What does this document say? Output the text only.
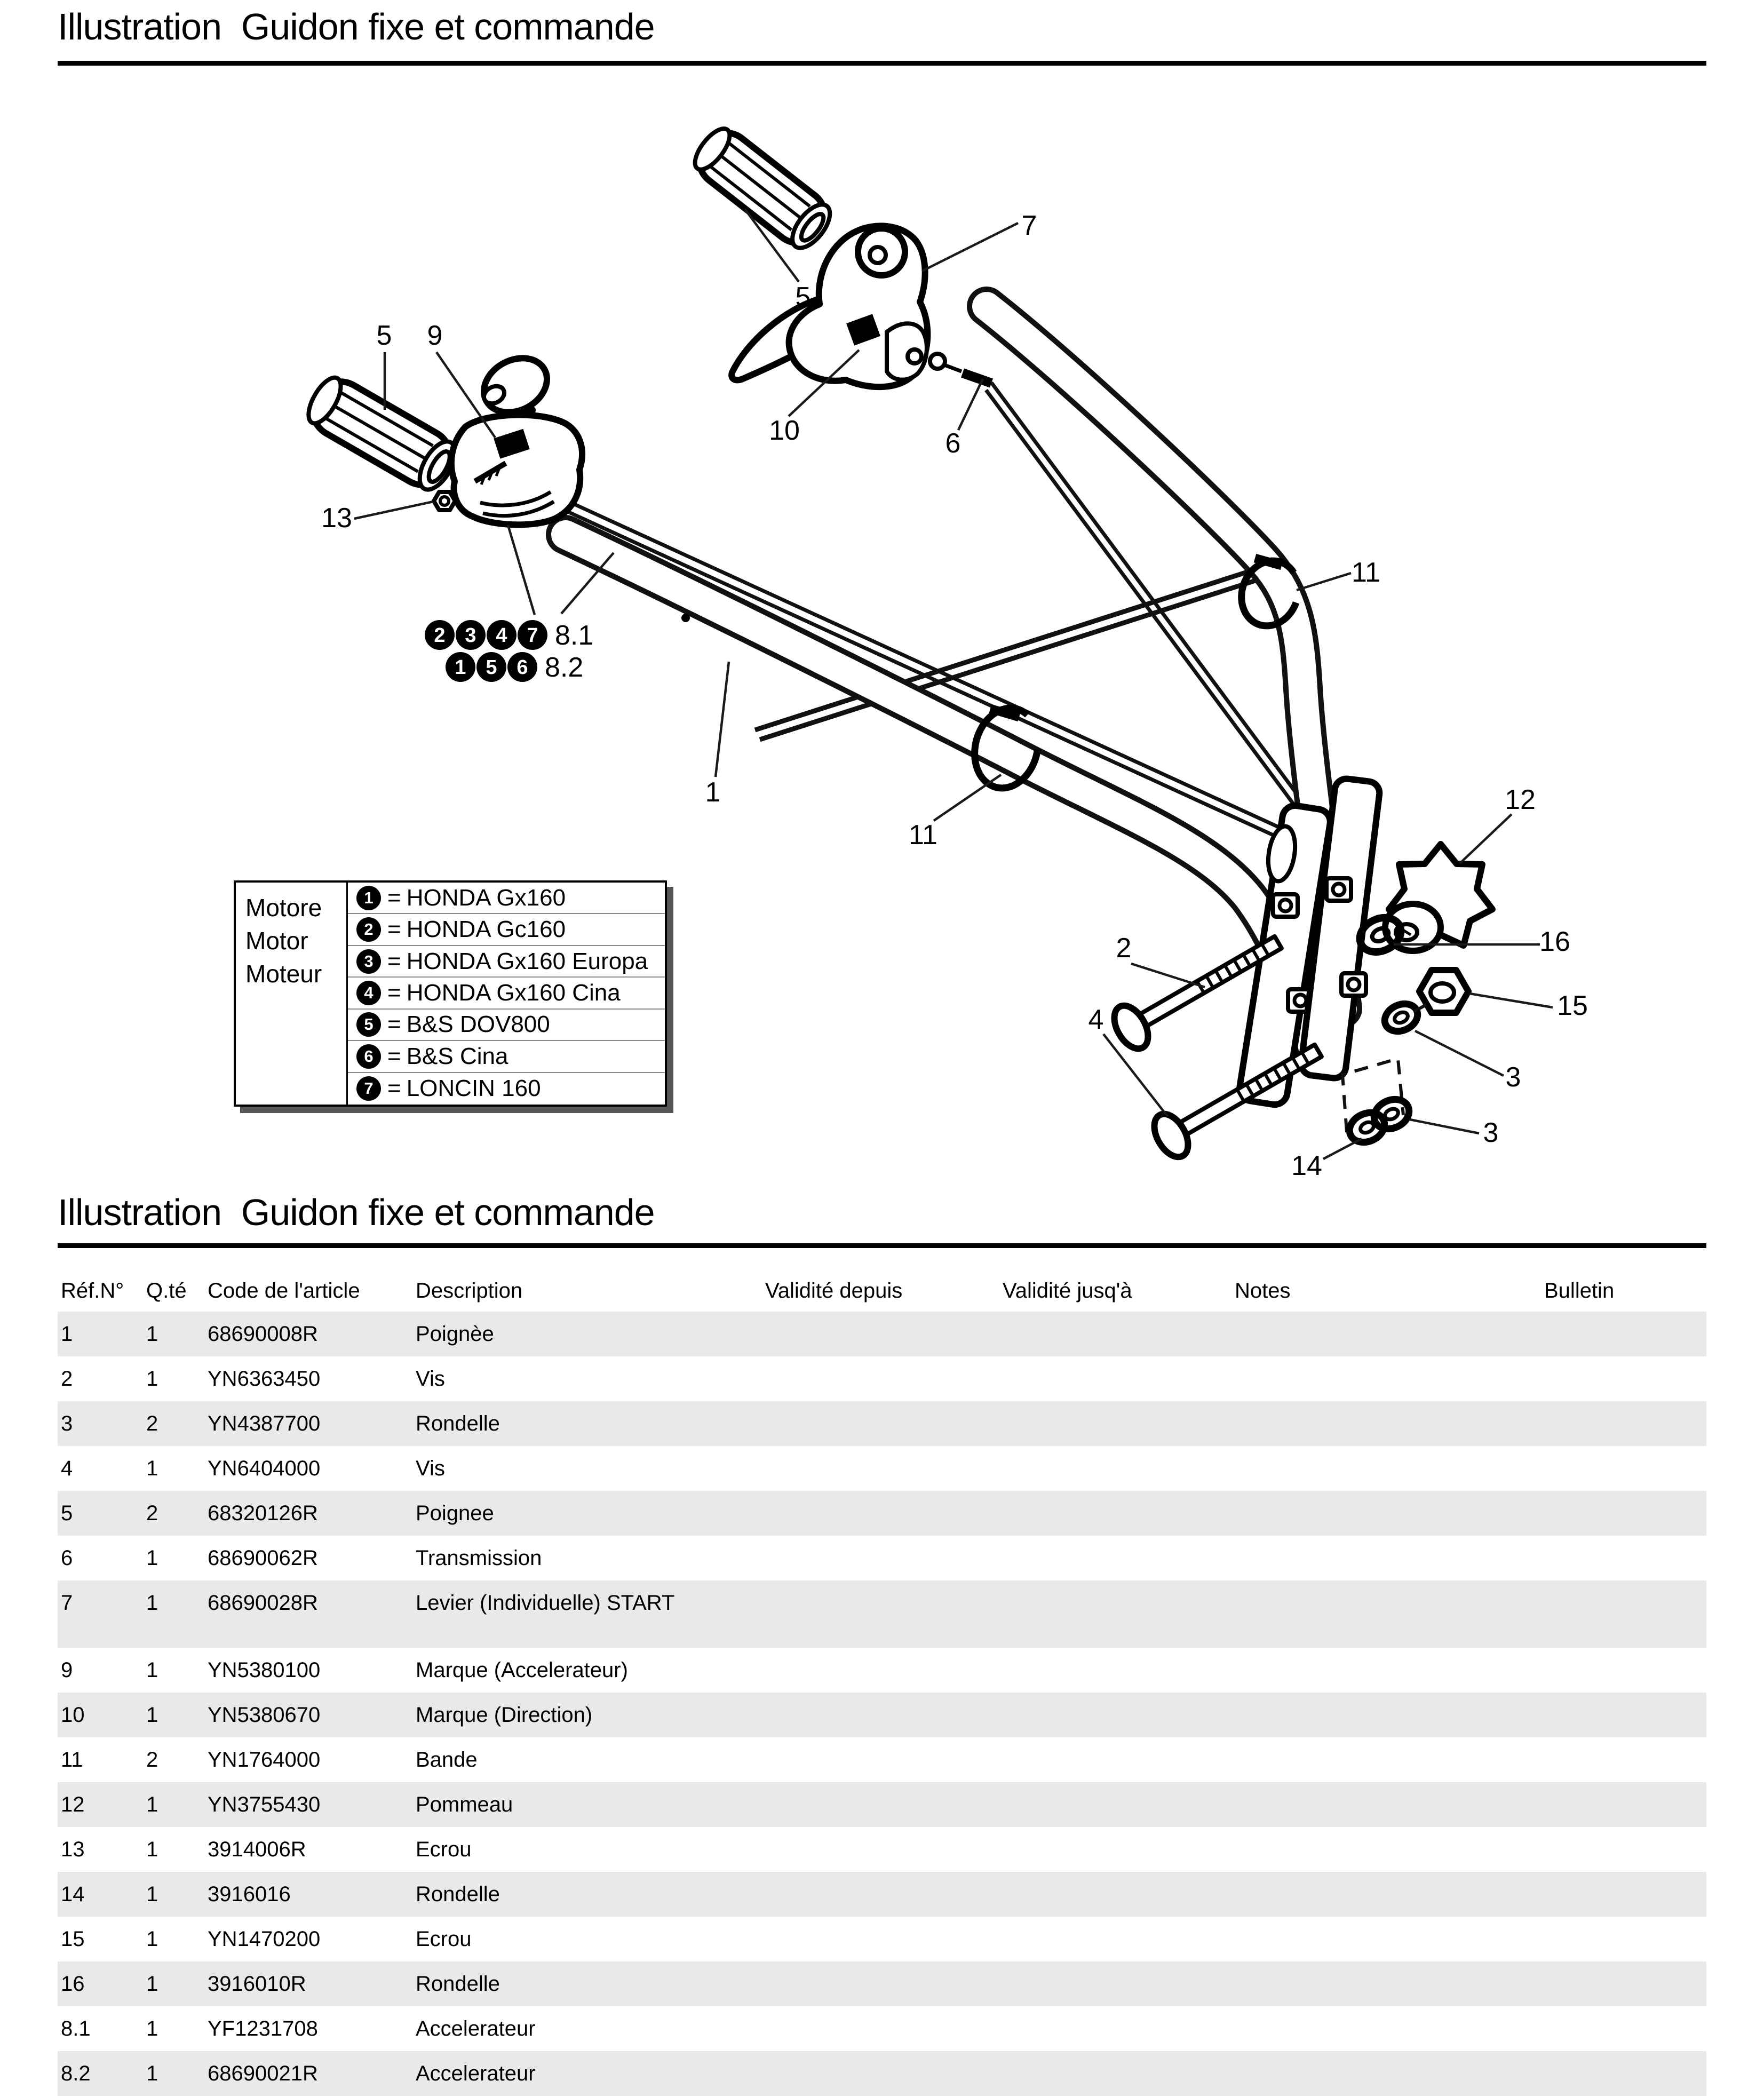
Illustration  Guidon fixe et commande
5
7
10	6
5 9
13
1
11
11
12
16
2
15
4
3
3
14
2 3 4 7 8.1
1 5 6 8.2
Motore
Motor
Moteur
1 = HONDA Gx160
2 = HONDA Gc160
3 = HONDA Gx160 Europa
4 = HONDA Gx160 Cina
5 = B&S DOV800
6 = B&S Cina
7 = LONCIN 160
Illustration  Guidon fixe et commande
Réf.N°	Q.té	Code de l'article	Description	Validité depuis	Validité jusq'à	Notes	Bulletin
1	1	68690008R	Poignèe				
2	1	YN6363450	Vis				
3	2	YN4387700	Rondelle				
4	1	YN6404000	Vis				
5	2	68320126R	Poignee				
6	1	68690062R	Transmission				
7	1	68690028R	Levier (Individuelle) START				
9	1	YN5380100	Marque (Accelerateur)				
10	1	YN5380670	Marque (Direction)				
11	2	YN1764000	Bande				
12	1	YN3755430	Pommeau				
13	1	3914006R	Ecrou				
14	1	3916016	Rondelle				
15	1	YN1470200	Ecrou				
16	1	3916010R	Rondelle				
8.1	1	YF1231708	Accelerateur				
8.2	1	68690021R	Accelerateur				
